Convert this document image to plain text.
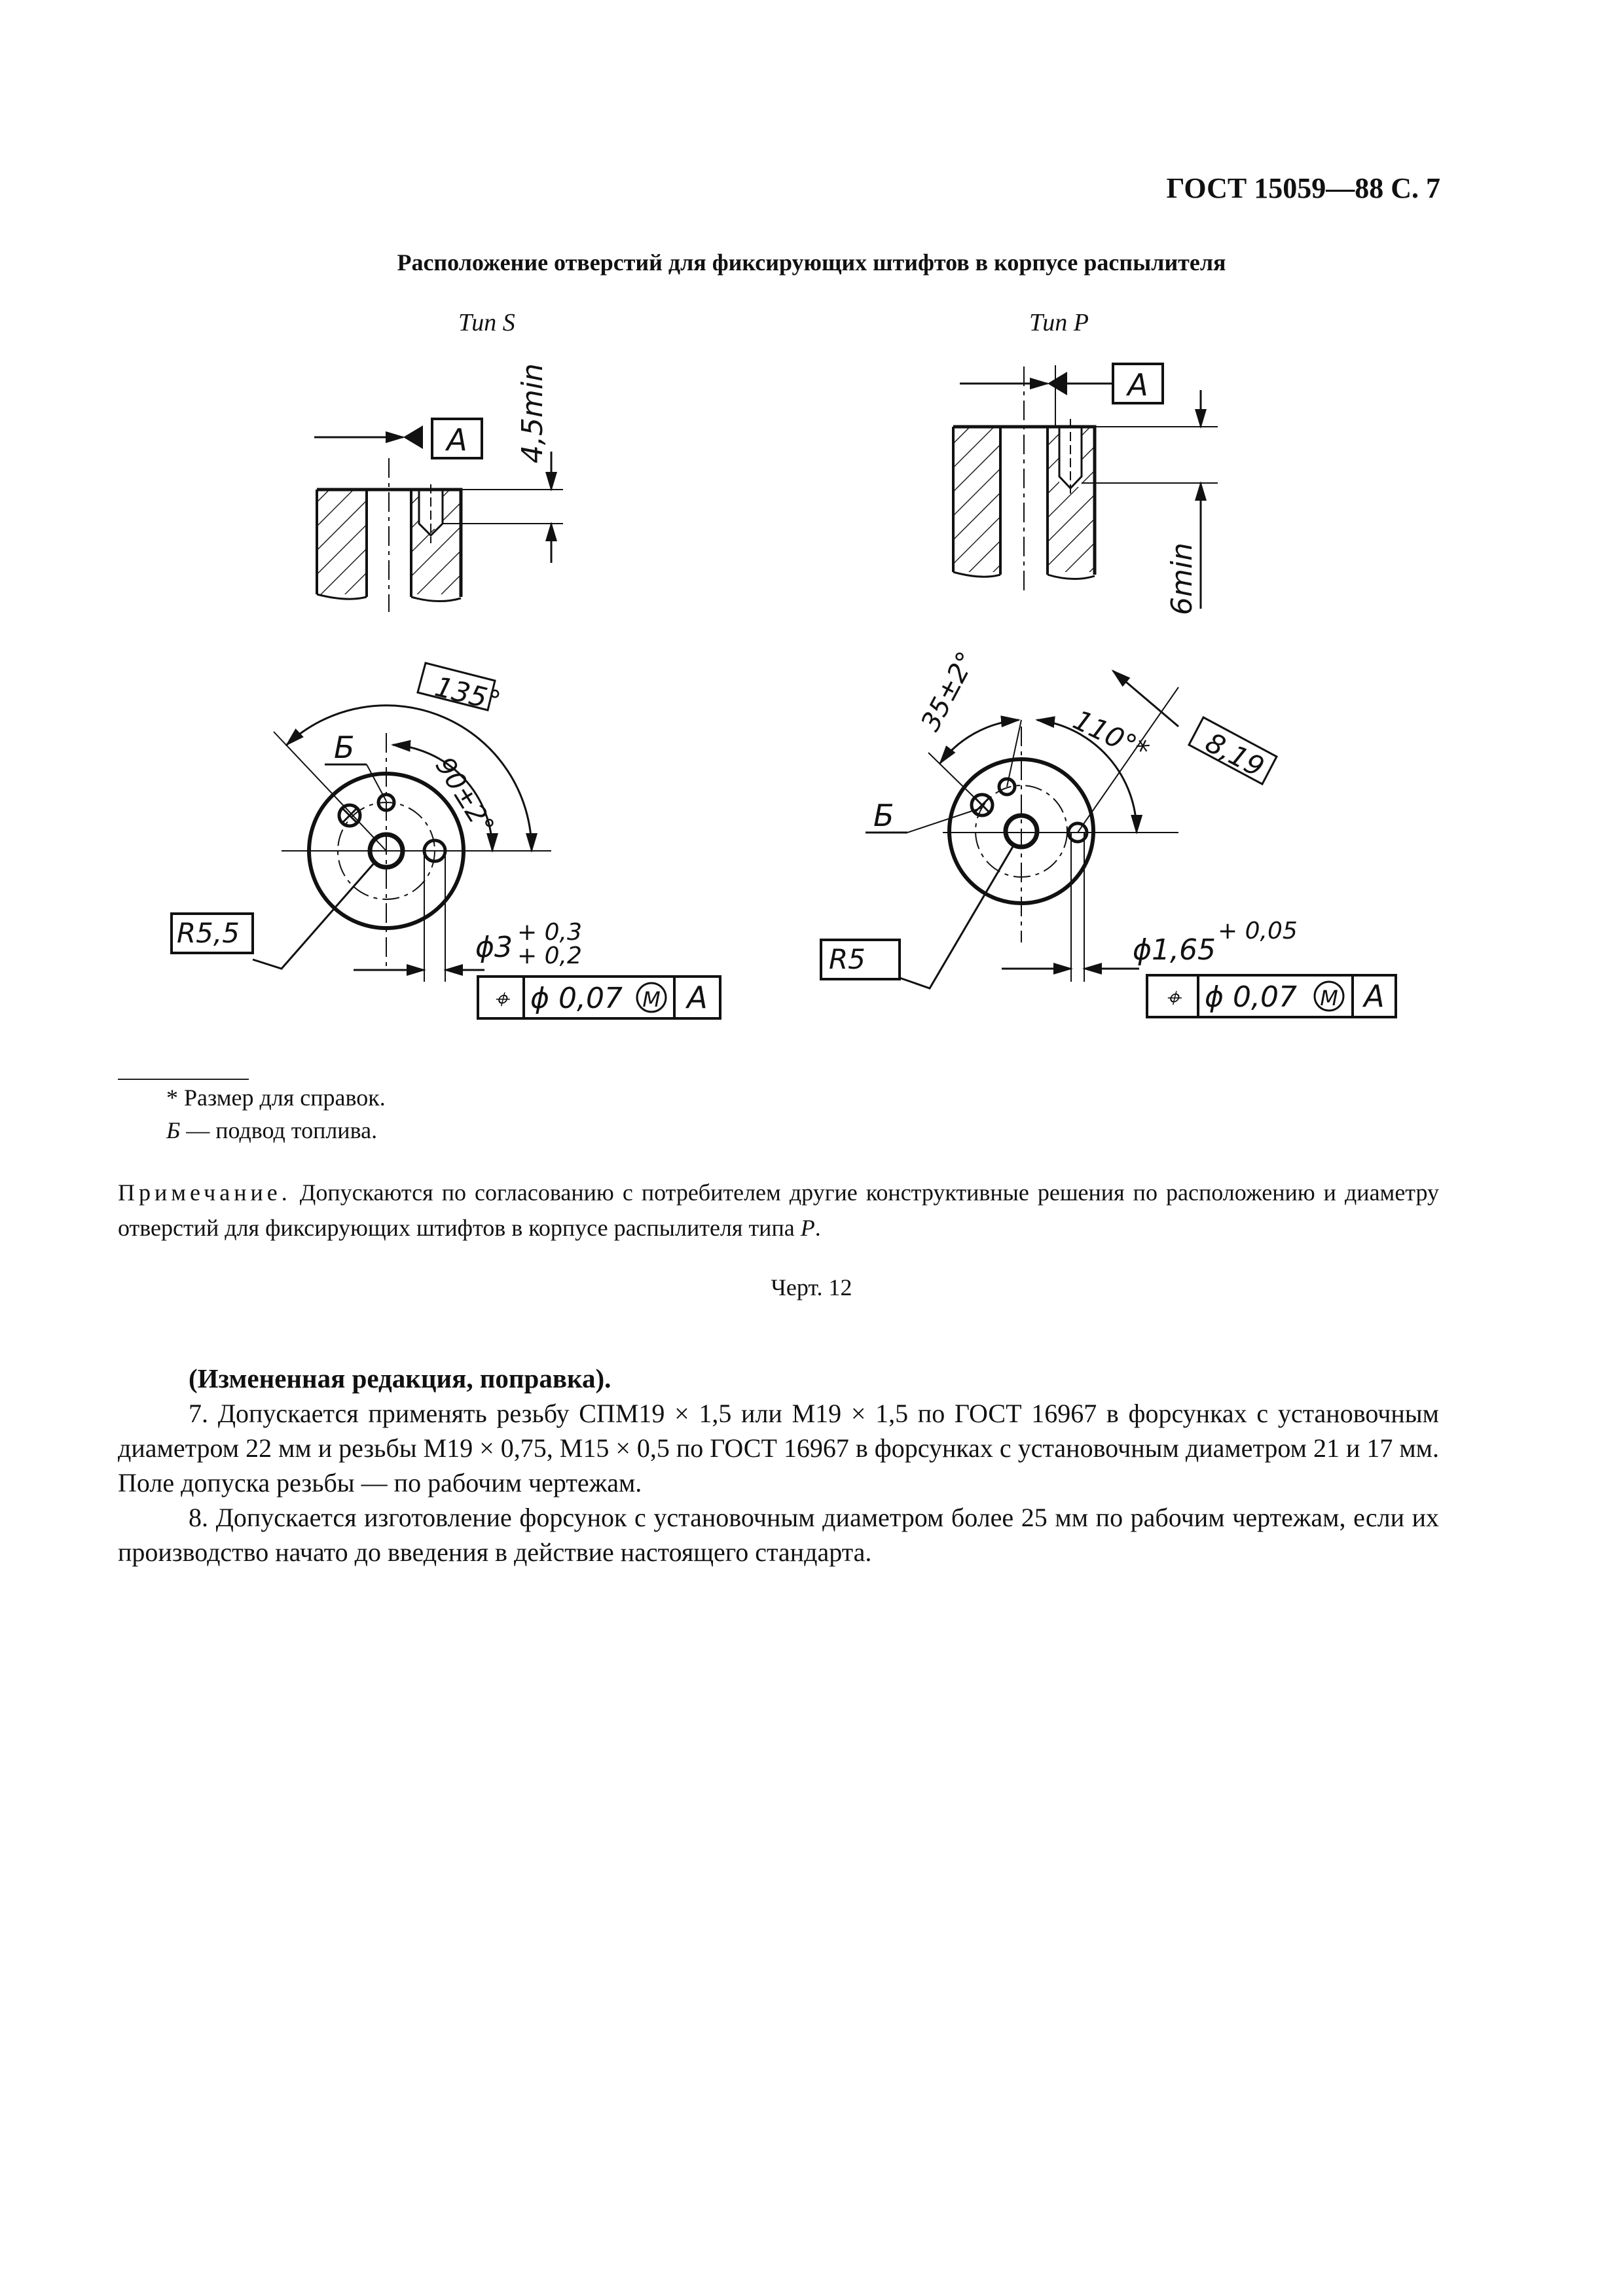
ГОСТ 15059—88 С. 7
Расположение отверстий для фиксирующих штифтов в корпусе распылителя
Тип S
A 4,5min
135°
90±2°
Б
R5,5	ϕ3 + 0,3
+ 0,2
⌖ ϕ 0,07 M A
Тип P
A
6min
35±2°	110°* 8,19
Б
R5	ϕ1,65
+ 0,05
⌖ ϕ 0,07 M A
* Размер для справок.
Б — подвод топлива.
Примечание. Допускаются по согласованию с потребителем другие конструктивные решения по расположению и диаметру отверстий для фиксирующих штифтов в корпусе распылителя типа Р.
Черт. 12

(Измененная редакция, поправка).

7. Допускается применять резьбу СПМ19 × 1,5 или М19 × 1,5 по ГОСТ 16967 в форсунках с установочным диаметром 22 мм и резьбы М19 × 0,75, М15 × 0,5 по ГОСТ 16967 в форсунках с установочным диаметром 21 и 17 мм. Поле допуска резьбы — по рабочим чертежам.

8. Допускается изготовление форсунок с установочным диаметром более 25 мм по рабочим чертежам, если их производство начато до введения в действие настоящего стандарта.
